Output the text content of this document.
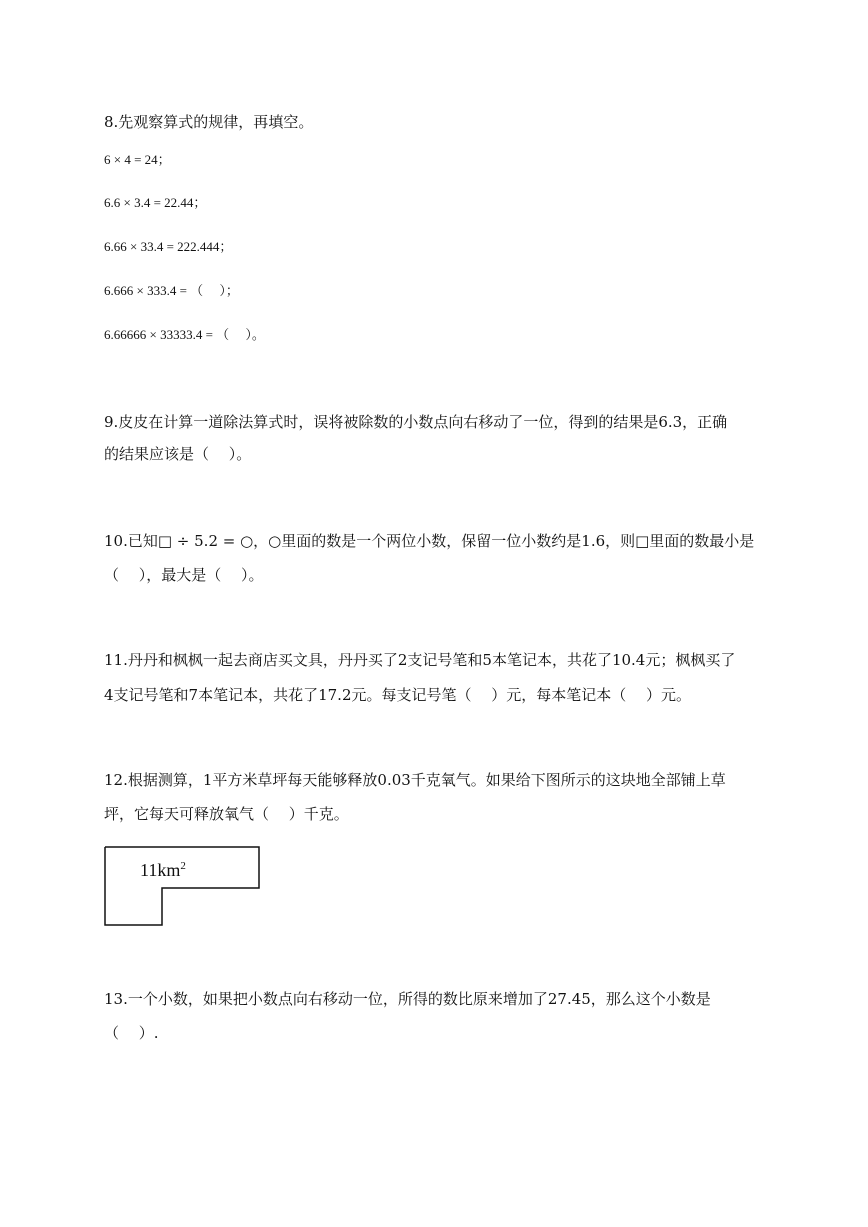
8.先观察算式的规律，再填空。
6 × 4 = 24；
6.6 × 3.4 = 22.44；
6.66 × 33.4 = 222.444；
6.666 × 333.4 = （　 ）；
6.66666 × 33333.4 = （　 ）。
9.皮皮在计算一道除法算式时，误将被除数的小数点向右移动了一位，得到的结果是6.3，正确
的结果应该是（　 ）。
10.已知□ ÷ 5.2 = ○，○里面的数是一个两位小数，保留一位小数约是1.6，则□里面的数最小是
（　 ），最大是（　 ）。
11.丹丹和枫枫一起去商店买文具，丹丹买了2支记号笔和5本笔记本，共花了10.4元；枫枫买了
4支记号笔和7本笔记本，共花了17.2元。每支记号笔（　 ）元，每本笔记本（　 ）元。
12.根据测算，1平方米草坪每天能够释放0.03千克氧气。如果给下图所示的这块地全部铺上草
坪，它每天可释放氧气（　 ）千克。
$11km^2$
13.一个小数，如果把小数点向右移动一位，所得的数比原来增加了27.45，那么这个小数是
（　 ）.
